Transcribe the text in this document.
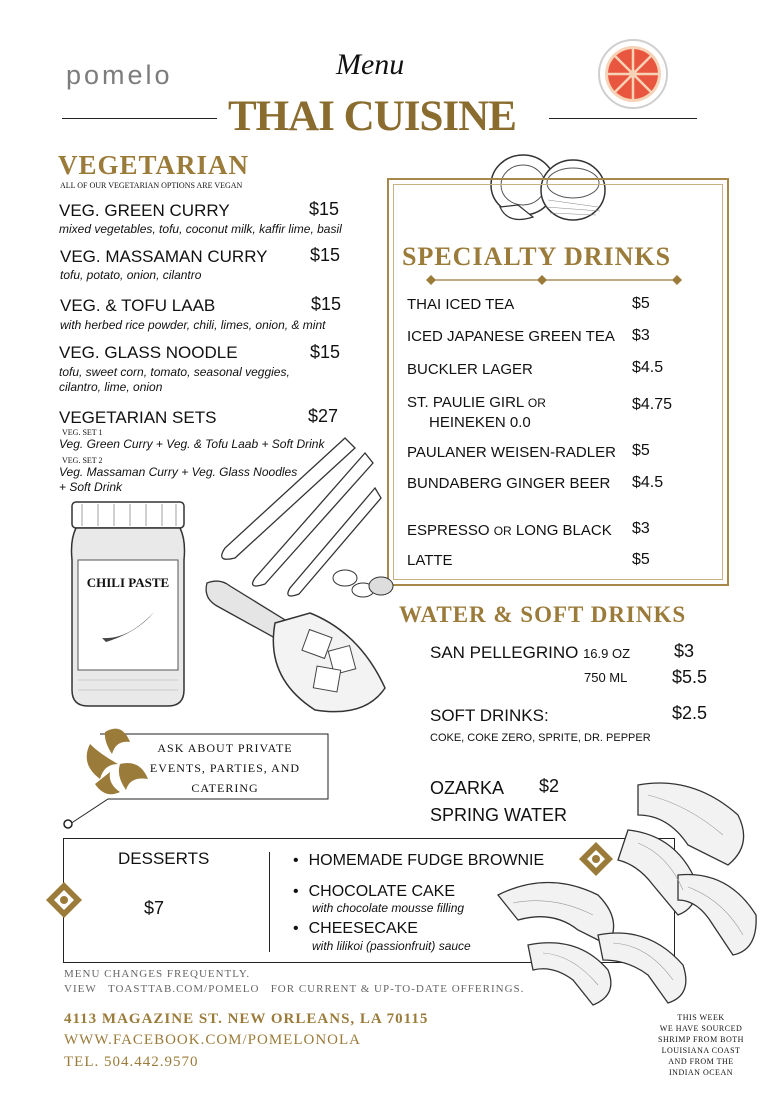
pomelo	Menu
THAI CUISINE
VEGETARIAN
ALL OF OUR VEGETARIAN OPTIONS ARE VEGAN
VEG. GREEN CURRY	$15
mixed vegetables, tofu, coconut milk, kaffir lime, basil
VEG. MASSAMAN CURRY $15
tofu, potato, onion, cilantro
VEG. & TOFU LAAB	$15
with herbed rice powder, chili, limes, onion, & mint
VEG. GLASS NOODLE	$15
tofu, sweet corn, tomato, seasonal veggies,
cilantro, lime, onion
VEGETARIAN SETS	$27
VEG. SET 1
Veg. Green Curry + Veg. & Tofu Laab + Soft Drink
VEG. SET 2
Veg. Massaman Curry + Veg. Glass Noodles
+ Soft Drink
SPECIALTY DRINKS
THAI ICED TEA	$5
ICED JAPANESE GREEN TEA $3
BUCKLER LAGER	$4.5
ST. PAULIE GIRL OR
HEINEKEN 0.0
$4.75
PAULANER WEISEN-RADLER $5
BUNDABERG GINGER BEER $4.5
ESPRESSO OR LONG BLACK $3
LATTE	$5
WATER & SOFT DRINKS
SAN PELLEGRINO 16.9 OZ $3
750 ML $5.5
SOFT DRINKS:	$2.5
COKE, COKE ZERO, SPRITE, DR. PEPPER
OZARKA $2
SPRING WATER
CHILI PASTE
ASK ABOUT PRIVATE
EVENTS, PARTIES, AND
CATERING
DESSERTS
$7
• HOMEMADE FUDGE BROWNIE
• CHOCOLATE CAKE
with chocolate mousse filling
• CHEESECAKE
with lilikoi (passionfruit) sauce
MENU CHANGES FREQUENTLY.
VIEW TOASTTAB.COM/POMELO FOR CURRENT & UP-TO-DATE OFFERINGS.
4113 MAGAZINE ST. NEW ORLEANS, LA 70115
WWW.FACEBOOK.COM/POMELONOLA
TEL. 504.442.9570
THIS WEEK
WE HAVE SOURCED
SHRIMP FROM BOTH
LOUISIANA COAST
AND FROM THE
INDIAN OCEAN
